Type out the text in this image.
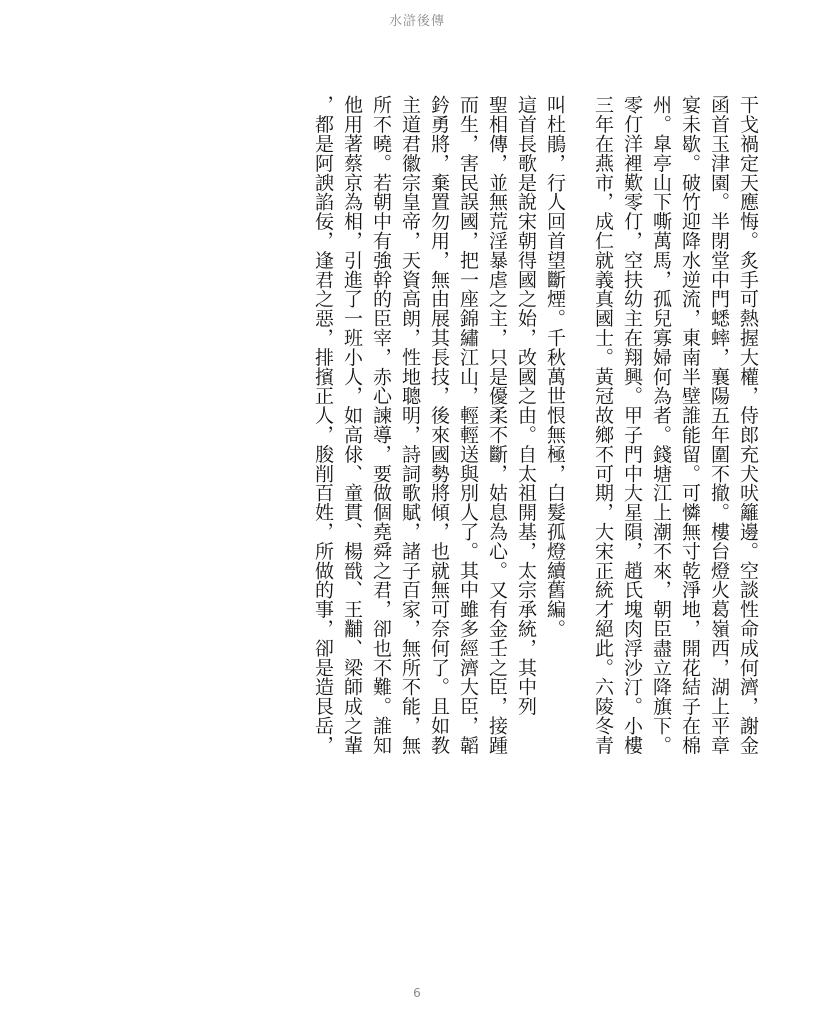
水滸後傳
干戈禍定天應悔。炙手可熱握大權，侍郎充犬吠籬邊。空談性命成何濟，謝金
函首玉津園。半閉堂中門蟋蟀，襄陽五年圍不撤。樓台燈火葛嶺西，湖上平章
宴未歇。破竹迎降水逆流，東南半壁誰能留。可憐無寸乾淨地，開花結子在棉
州。皐亭山下嘶萬馬，孤兒寡婦何為者。錢塘江上潮不來，朝臣盡立降旗下。
零仃洋裡歎零仃，空扶幼主在翔興。甲子門中大星隕，趙氏塊肉浮沙汀。小樓
三年在燕市，成仁就義真國士。黃冠故鄉不可期，大宋正統才絕此。六陵冬青
叫杜鵑，行人回首望斷煙。千秋萬世恨無極，白髮孤燈續舊編。
這首長歌是說宋朝得國之始，改國之由。自太祖開基，太宗承統，其中列
聖相傳，並無荒淫暴虐之主，只是優柔不斷，姑息為心。又有金壬之臣，接踵
而生，害民誤國，把一座錦繡江山，輕輕送與別人了。其中雖多經濟大臣，韜
鈐勇將，棄置勿用，無由展其長技，後來國勢將傾，也就無可奈何了。且如教
主道君徽宗皇帝，天資高朗，性地聰明，詩詞歌賦，諸子百家，無所不能，無
所不曉。若朝中有強幹的臣宰，赤心諫導，要做個堯舜之君，卻也不難。誰知
他用著蔡京為相，引進了一班小人，如高俅、童貫、楊戩、王黼、梁師成之輩
，都是阿諛諂佞，逢君之惡，排擯正人，朘削百姓，所做的事，卻是造艮岳，
6
